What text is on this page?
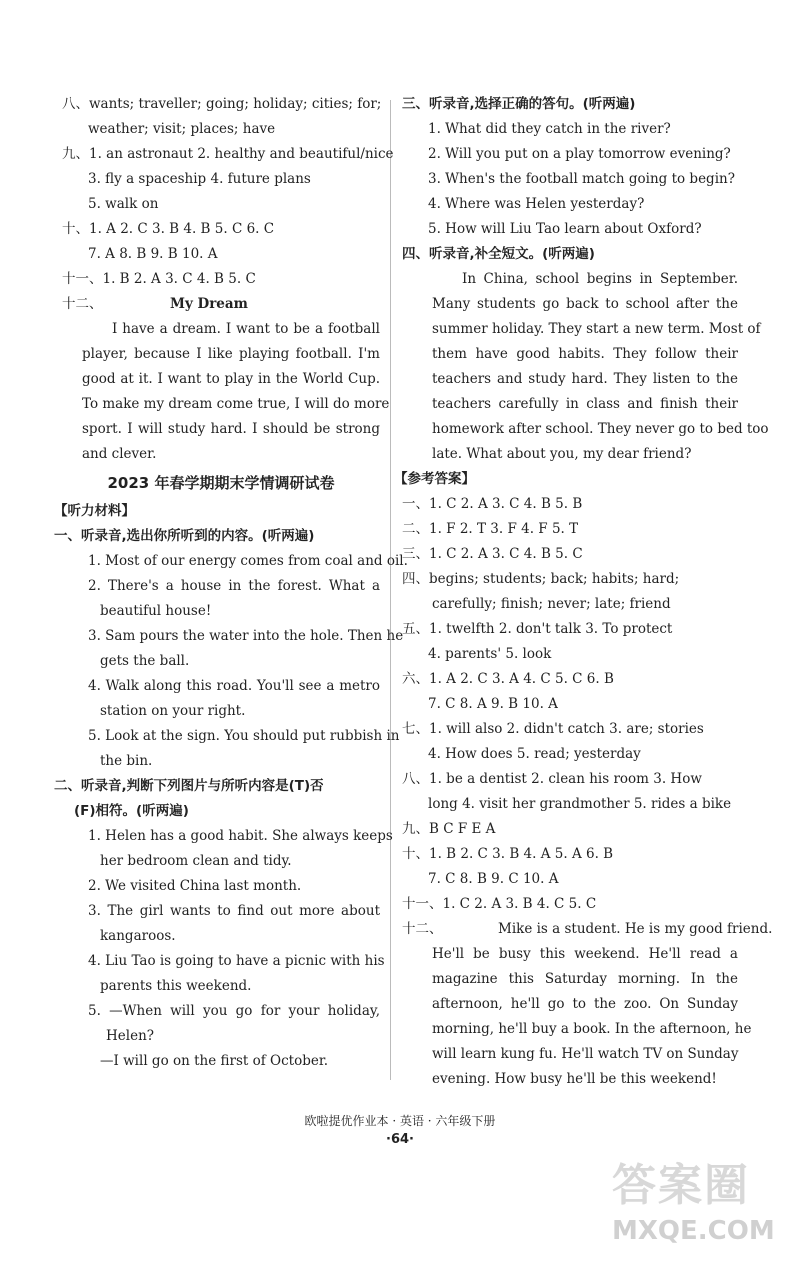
八、wants; traveller; going; holiday; cities; for;
weather; visit; places; have
九、1. an astronaut 2. healthy and beautiful/nice
3. fly a spaceship 4. future plans
5. walk on
十、1. A 2. C 3. B 4. B 5. C 6. C
7. A 8. B 9. B 10. A
十一、1. B 2. A 3. C 4. B 5. C
十二、	My Dream
I have a dream. I want to be a football
player, because I like playing football. I'm
good at it. I want to play in the World Cup.
To make my dream come true, I will do more
sport. I will study hard. I should be strong
and clever.
2023 年春学期期末学情调研试卷
【听力材料】
一、听录音,选出你所听到的内容。(听两遍)
1. Most of our energy comes from coal and oil.
2. There's a house in the forest. What a
beautiful house!
3. Sam pours the water into the hole. Then he
gets the ball.
4. Walk along this road. You'll see a metro
station on your right.
5. Look at the sign. You should put rubbish in
the bin.
二、听录音,判断下列图片与所听内容是(T)否
(F)相符。(听两遍)
1. Helen has a good habit. She always keeps
her bedroom clean and tidy.
2. We visited China last month.
3. The girl wants to find out more about
kangaroos.
4. Liu Tao is going to have a picnic with his
parents this weekend.
5. —When will you go for your holiday,
Helen?
—I will go on the first of October.
三、听录音,选择正确的答句。(听两遍)
1. What did they catch in the river?
2. Will you put on a play tomorrow evening?
3. When's the football match going to begin?
4. Where was Helen yesterday?
5. How will Liu Tao learn about Oxford?
四、听录音,补全短文。(听两遍)
In China, school begins in September.
Many students go back to school after the
summer holiday. They start a new term. Most of
them have good habits. They follow their
teachers and study hard. They listen to the
teachers carefully in class and finish their
homework after school. They never go to bed too
late. What about you, my dear friend?
【参考答案】
一、1. C 2. A 3. C 4. B 5. B
二、1. F 2. T 3. F 4. F 5. T
三、1. C 2. A 3. C 4. B 5. C
四、begins; students; back; habits; hard;
carefully; finish; never; late; friend
五、1. twelfth 2. don't talk 3. To protect
4. parents' 5. look
六、1. A 2. C 3. A 4. C 5. C 6. B
7. C 8. A 9. B 10. A
七、1. will also 2. didn't catch 3. are; stories
4. How does 5. read; yesterday
八、1. be a dentist 2. clean his room 3. How
long 4. visit her grandmother 5. rides a bike
九、B C F E A
十、1. B 2. C 3. B 4. A 5. A 6. B
7. C 8. B 9. C 10. A
十一、1. C 2. A 3. B 4. C 5. C
十二、	Mike is a student. He is my good friend.
He'll be busy this weekend. He'll read a
magazine this Saturday morning. In the
afternoon, he'll go to the zoo. On Sunday
morning, he'll buy a book. In the afternoon, he
will learn kung fu. He'll watch TV on Sunday
evening. How busy he'll be this weekend!
欧啦提优作业本 · 英语 · 六年级下册
·64·
答案圈
MXQE.COM
